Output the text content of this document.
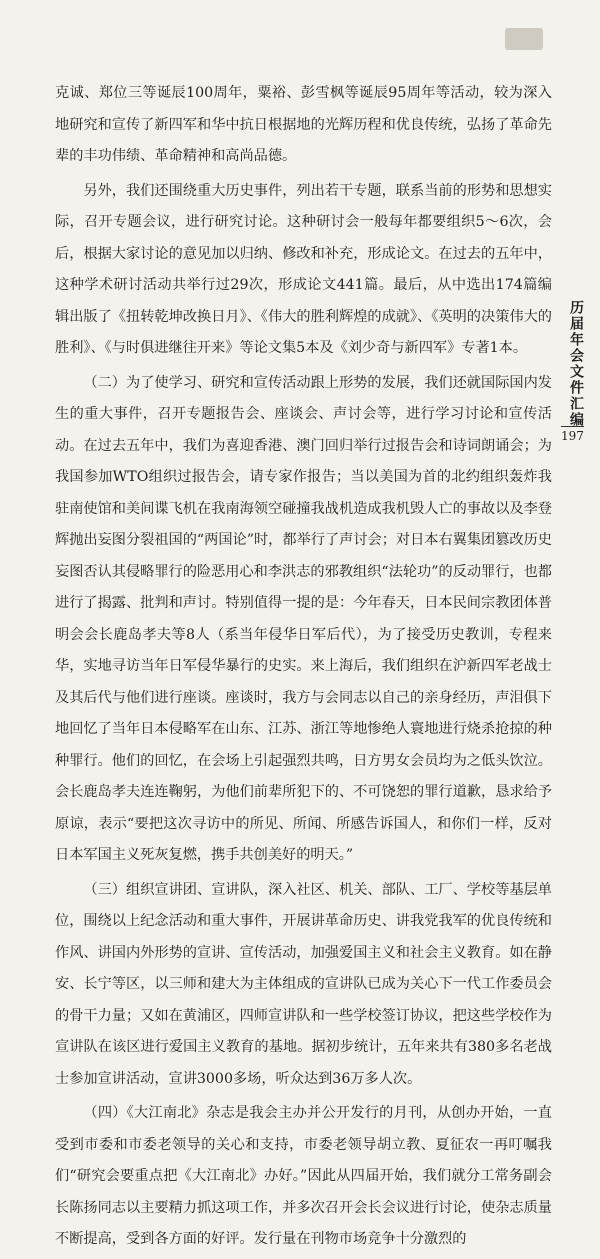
克诚、郑位三等诞辰100周年，粟裕、彭雪枫等诞辰95周年等活动，较为深入地研究和宣传了新四军和华中抗日根据地的光辉历程和优良传统，弘扬了革命先辈的丰功伟绩、革命精神和高尚品德。

另外，我们还围绕重大历史事件，列出若干专题，联系当前的形势和思想实际，召开专题会议，进行研究讨论。这种研讨会一般每年都要组织5～6次，会后，根据大家讨论的意见加以归纳、修改和补充，形成论文。在过去的五年中，这种学术研讨活动共举行过29次，形成论文441篇。最后，从中选出174篇编辑出版了《扭转乾坤改换日月》、《伟大的胜利辉煌的成就》、《英明的决策伟大的胜利》、《与时俱进继往开来》等论文集5本及《刘少奇与新四军》专著1本。

（二）为了使学习、研究和宣传活动跟上形势的发展，我们还就国际国内发生的重大事件，召开专题报告会、座谈会、声讨会等，进行学习讨论和宣传活动。在过去五年中，我们为喜迎香港、澳门回归举行过报告会和诗词朗诵会；为我国参加WTO组织过报告会，请专家作报告；当以美国为首的北约组织轰炸我驻南使馆和美间谍飞机在我南海领空碰撞我战机造成我机毁人亡的事故以及李登辉抛出妄图分裂祖国的“两国论”时，都举行了声讨会；对日本右翼集团篡改历史妄图否认其侵略罪行的险恶用心和李洪志的邪教组织“法轮功”的反动罪行，也都进行了揭露、批判和声讨。特别值得一提的是：今年春天，日本民间宗教团体普明会会长鹿岛孝夫等8人（系当年侵华日军后代），为了接受历史教训，专程来华，实地寻访当年日军侵华暴行的史实。来上海后，我们组织在沪新四军老战士及其后代与他们进行座谈。座谈时，我方与会同志以自己的亲身经历，声泪俱下地回忆了当年日本侵略军在山东、江苏、浙江等地惨绝人寰地进行烧杀抢掠的种种罪行。他们的回忆，在会场上引起强烈共鸣，日方男女会员均为之低头饮泣。会长鹿岛孝夫连连鞠躬，为他们前辈所犯下的、不可饶恕的罪行道歉，恳求给予原谅，表示“要把这次寻访中的所见、所闻、所感告诉国人，和你们一样，反对日本军国主义死灰复燃，携手共创美好的明天。”

（三）组织宣讲团、宣讲队，深入社区、机关、部队、工厂、学校等基层单位，围绕以上纪念活动和重大事件，开展讲革命历史、讲我党我军的优良传统和作风、讲国内外形势的宣讲、宣传活动，加强爱国主义和社会主义教育。如在静安、长宁等区，以三师和建大为主体组成的宣讲队已成为关心下一代工作委员会的骨干力量；又如在黄浦区，四师宣讲队和一些学校签订协议，把这些学校作为宣讲队在该区进行爱国主义教育的基地。据初步统计，五年来共有380多名老战士参加宣讲活动，宣讲3000多场，听众达到36万多人次。

（四）《大江南北》杂志是我会主办并公开发行的月刊，从创办开始，一直受到市委和市委老领导的关心和支持，市委老领导胡立教、夏征农一再叮嘱我们“研究会要重点把《大江南北》办好。”因此从四届开始，我们就分工常务副会长陈扬同志以主要精力抓这项工作，并多次召开会长会议进行讨论，使杂志质量不断提高，受到各方面的好评。发行量在刊物市场竞争十分激烈的

历届年会文件汇编
197
